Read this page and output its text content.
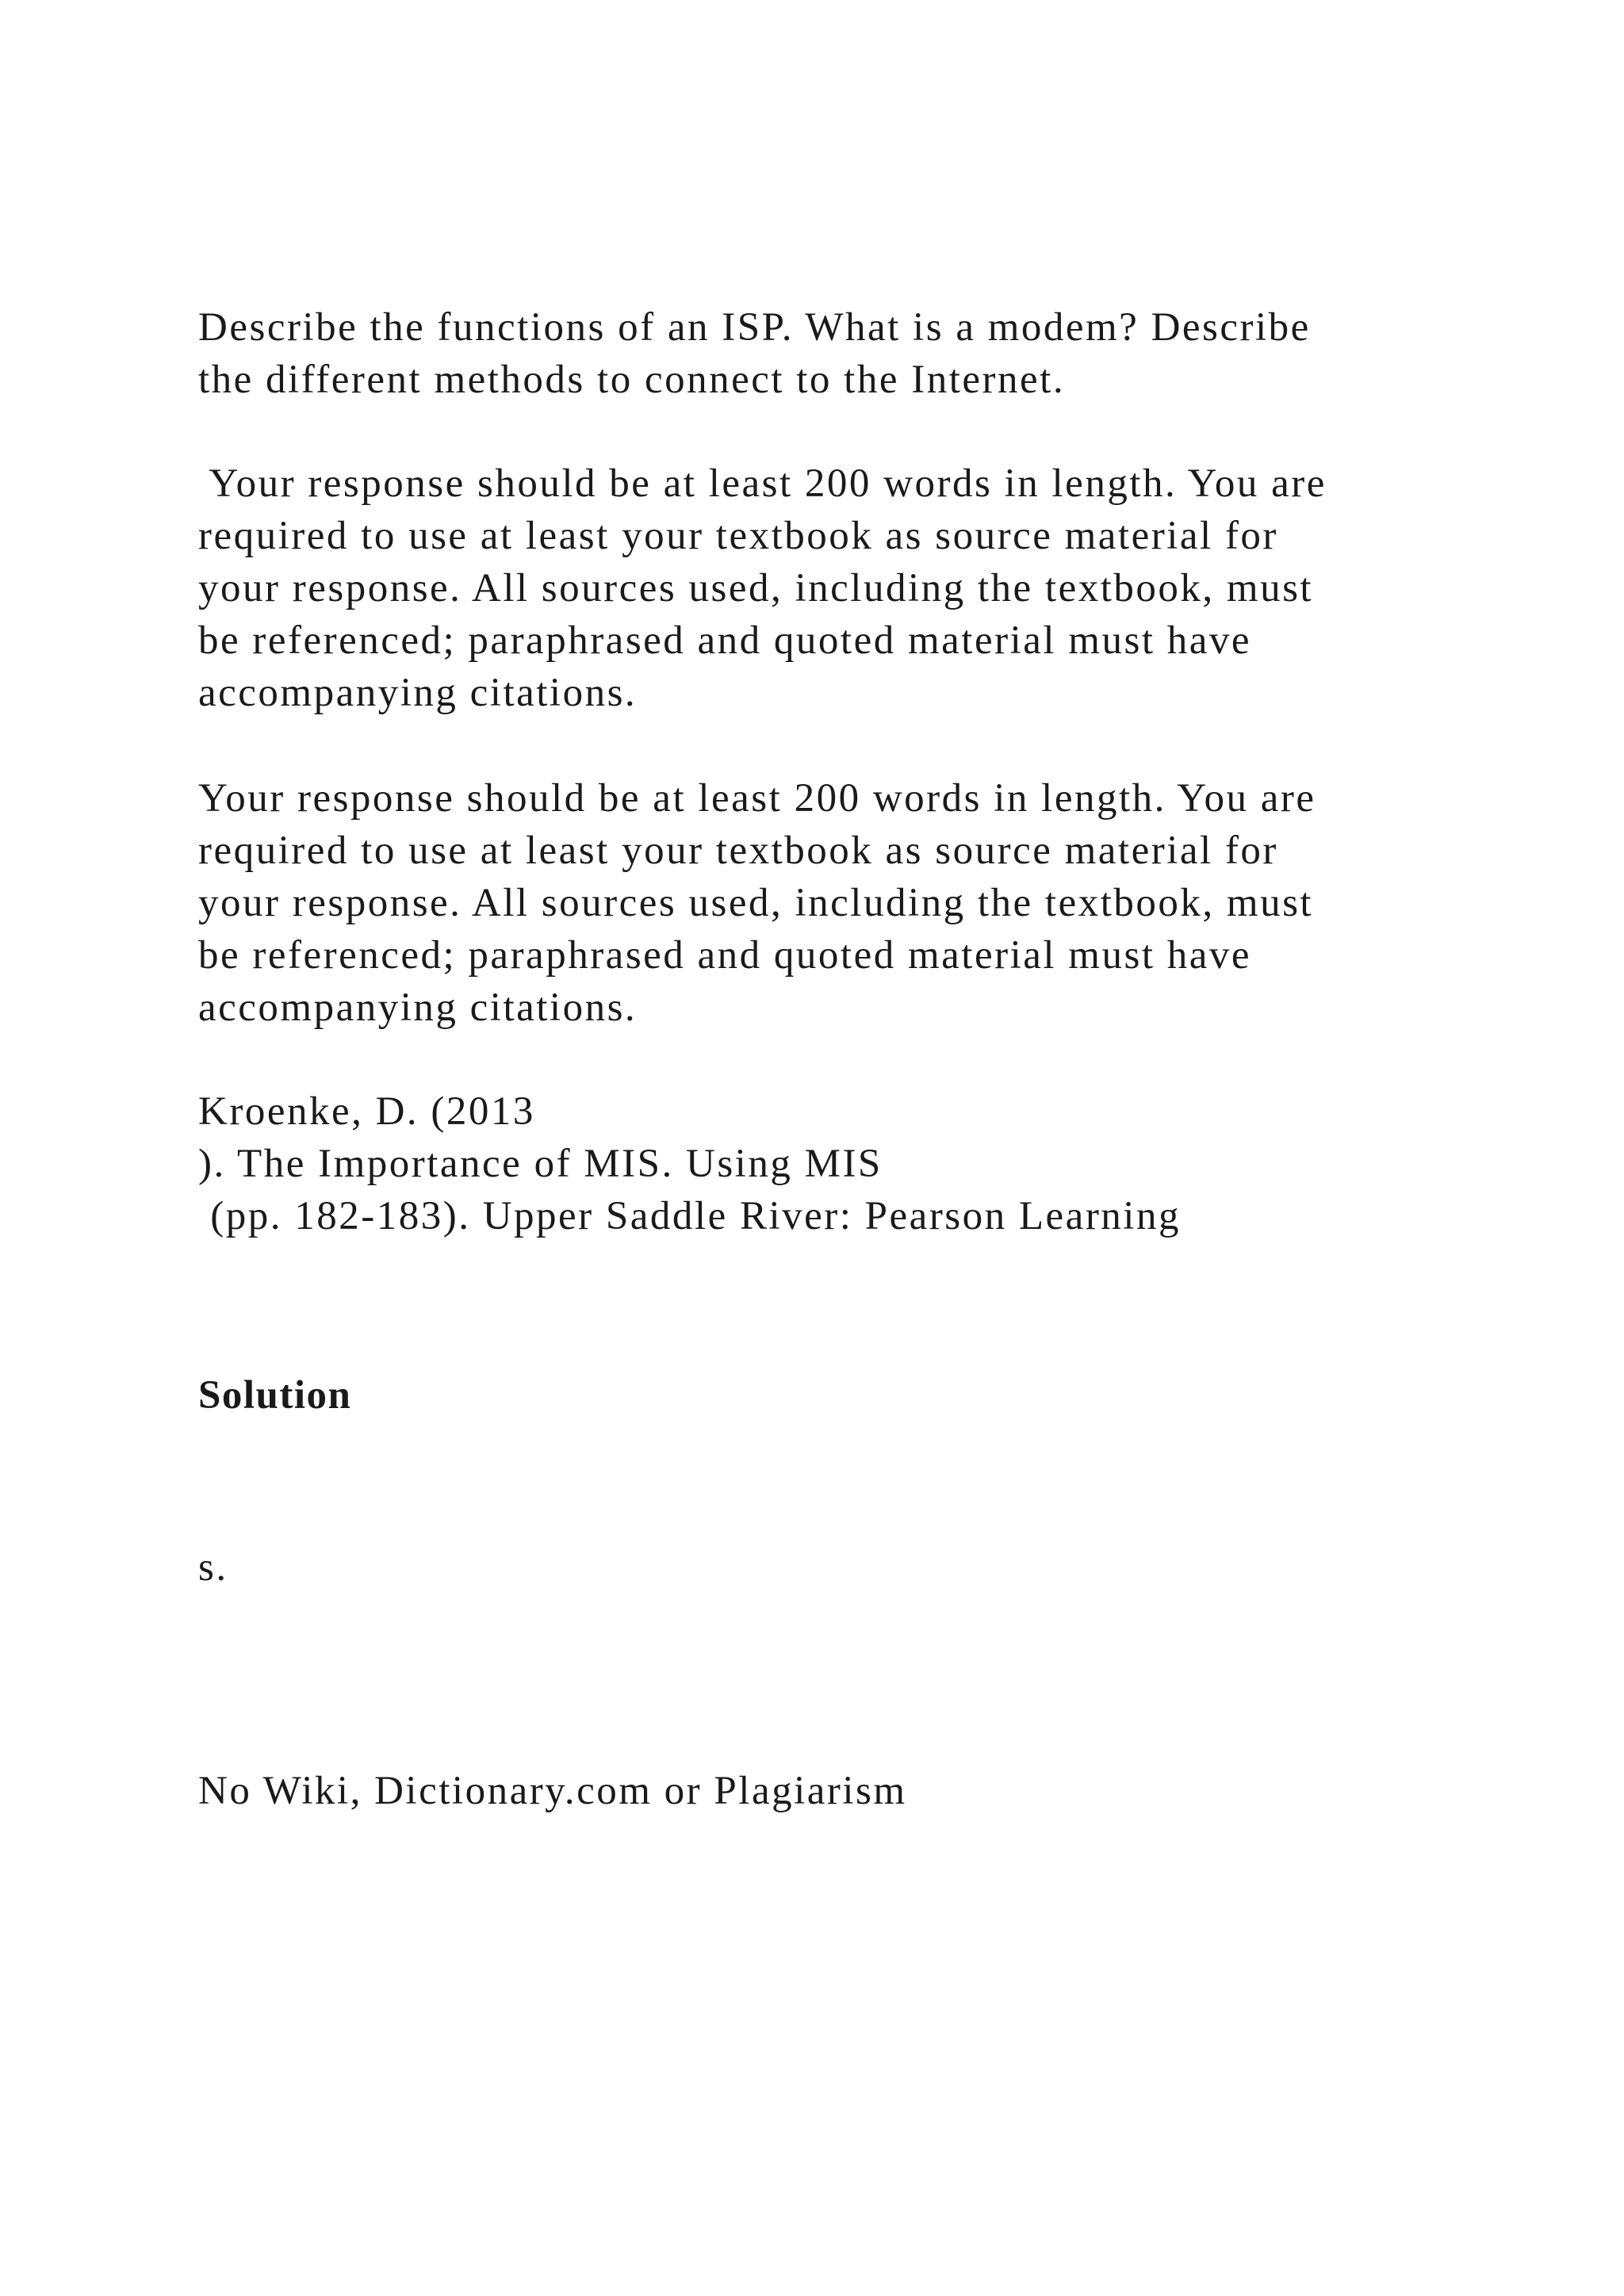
Describe the functions of an ISP. What is a modem? Describe
the different methods to connect to the Internet.
Your response should be at least 200 words in length. You are
required to use at least your textbook as source material for
your response. All sources used, including the textbook, must
be referenced; paraphrased and quoted material must have
accompanying citations.
Your response should be at least 200 words in length. You are
required to use at least your textbook as source material for
your response. All sources used, including the textbook, must
be referenced; paraphrased and quoted material must have
accompanying citations.
Kroenke, D. (2013
). The Importance of MIS. Using MIS
(pp. 182-183). Upper Saddle River: Pearson Learning
Solution
s.
No Wiki, Dictionary.com or Plagiarism
